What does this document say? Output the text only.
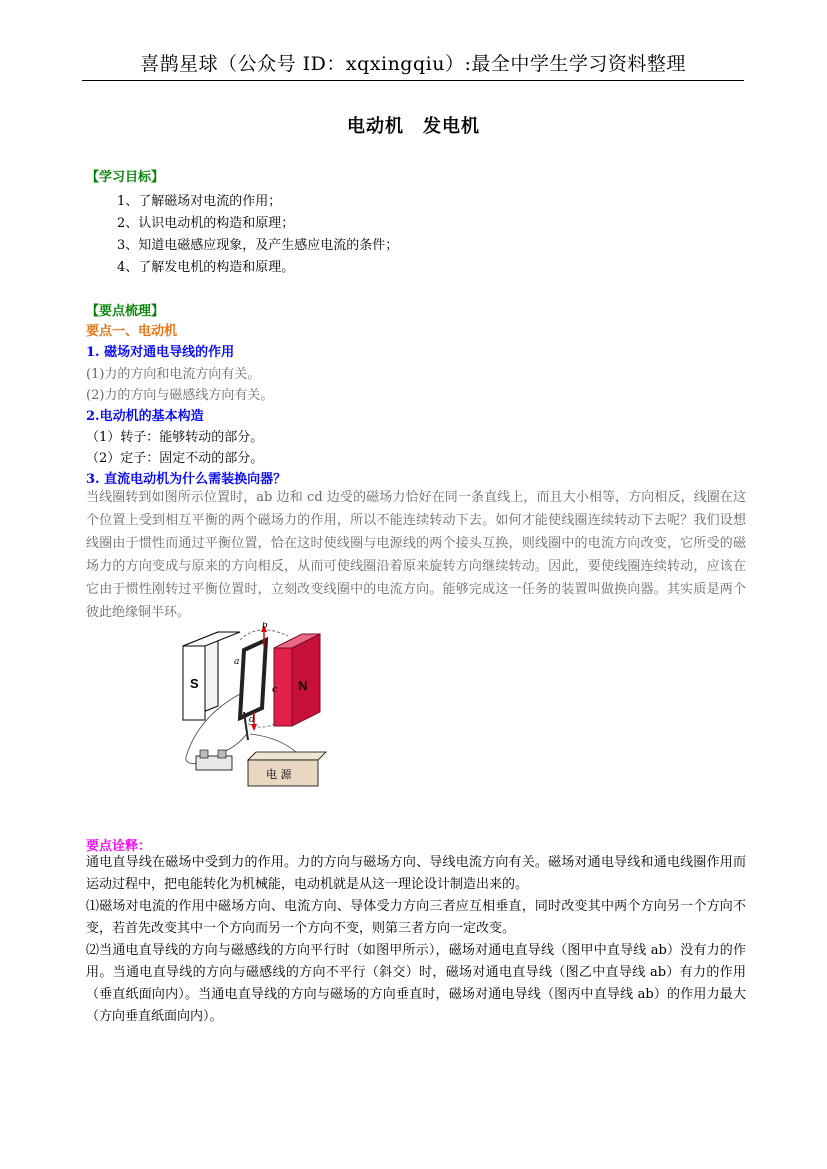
喜鹊星球（公众号 ID：xqxingqiu）:最全中学生学习资料整理
电动机　发电机
【学习目标】
1、了解磁场对电流的作用；
2、认识电动机的构造和原理；
3、知道电磁感应现象，及产生感应电流的条件；
4、了解发电机的构造和原理。
【要点梳理】
要点一、电动机
1. 磁场对通电导线的作用
(1)力的方向和电流方向有关。
(2)力的方向与磁感线方向有关。
2.电动机的基本构造
（1）转子：能够转动的部分。
（2）定子：固定不动的部分。
3. 直流电动机为什么需装换向器？
当线圈转到如图所示位置时，ab 边和 cd 边受的磁场力恰好在同一条直线上，而且大小相等，方向相反，线圈在这个位置上受到相互平衡的两个磁场力的作用，所以不能连续转动下去。如何才能使线圈连续转动下去呢？我们设想线圈由于惯性而通过平衡位置，恰在这时使线圈与电源线的两个接头互换，则线圈中的电流方向改变，它所受的磁场力的方向变成与原来的方向相反，从而可使线圈沿着原来旋转方向继续转动。因此，要使线圈连续转动，应该在它由于惯性刚转过平衡位置时，立刻改变线圈中的电流方向。能够完成这一任务的装置叫做换向器。其实质是两个彼此绝缘铜半环。
S	N
a
b
c
d
电 源
要点诠释：
通电直导线在磁场中受到力的作用。力的方向与磁场方向、导线电流方向有关。磁场对通电导线和通电线圈作用而运动过程中，把电能转化为机械能，电动机就是从这一理论设计制造出来的。
⑴磁场对电流的作用中磁场方向、电流方向、导体受力方向三者应互相垂直，同时改变其中两个方向另一个方向不变，若首先改变其中一个方向而另一个方向不变，则第三者方向一定改变。
⑵当通电直导线的方向与磁感线的方向平行时（如图甲所示），磁场对通电直导线（图甲中直导线 ab）没有力的作用。当通电直导线的方向与磁感线的方向不平行（斜交）时，磁场对通电直导线（图乙中直导线 ab）有力的作用（垂直纸面向内）。当通电直导线的方向与磁场的方向垂直时，磁场对通电导线（图丙中直导线 ab）的作用力最大（方向垂直纸面向内）。
